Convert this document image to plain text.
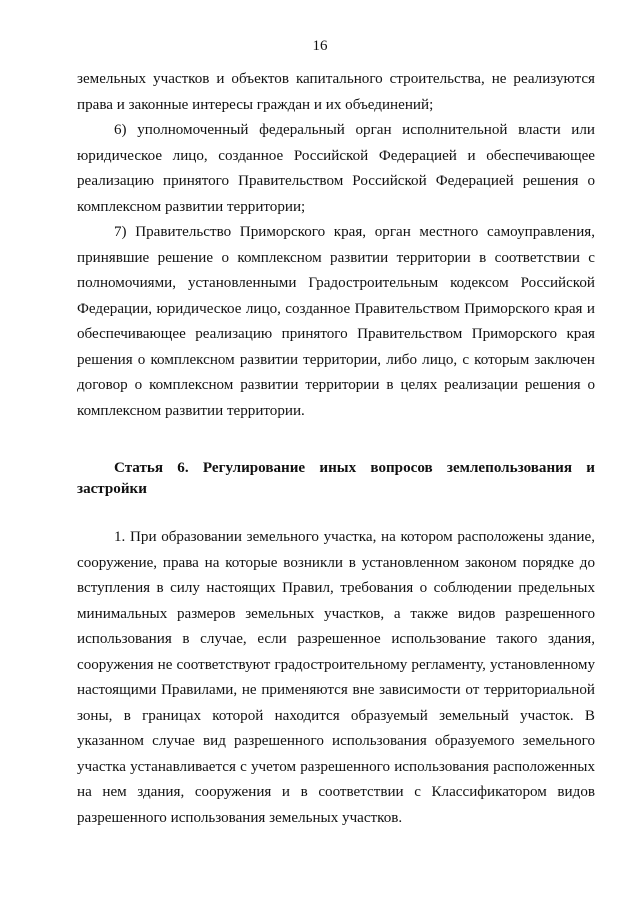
16

земельных участков и объектов капитального строительства, не реализуются права и законные интересы граждан и их объединений;

6) уполномоченный федеральный орган исполнительной власти или юридическое лицо, созданное Российской Федерацией и обеспечивающее реализацию принятого Правительством Российской Федерацией решения о комплексном развитии территории;

7) Правительство Приморского края, орган местного самоуправления, принявшие решение о комплексном развитии территории в соответствии с полномочиями, установленными Градостроительным кодексом Российской Федерации, юридическое лицо, созданное Правительством Приморского края и обеспечивающее реализацию принятого Правительством Приморского края решения о комплексном развитии территории, либо лицо, с которым заключен договор о комплексном развитии территории в целях реализации решения о комплексном развитии территории.

Статья 6. Регулирование иных вопросов землепользования и застройки

1. При образовании земельного участка, на котором расположены здание, сооружение, права на которые возникли в установленном законом порядке до вступления в силу настоящих Правил, требования о соблюдении предельных минимальных размеров земельных участков, а также видов разрешенного использования в случае, если разрешенное использование такого здания, сооружения не соответствуют градостроительному регламенту, установленному настоящими Правилами, не применяются вне зависимости от территориальной зоны, в границах которой находится образуемый земельный участок. В указанном случае вид разрешенного использования образуемого земельного участка устанавливается с учетом разрешенного использования расположенных на нем здания, сооружения и в соответствии с Классификатором видов разрешенного использования земельных участков.
